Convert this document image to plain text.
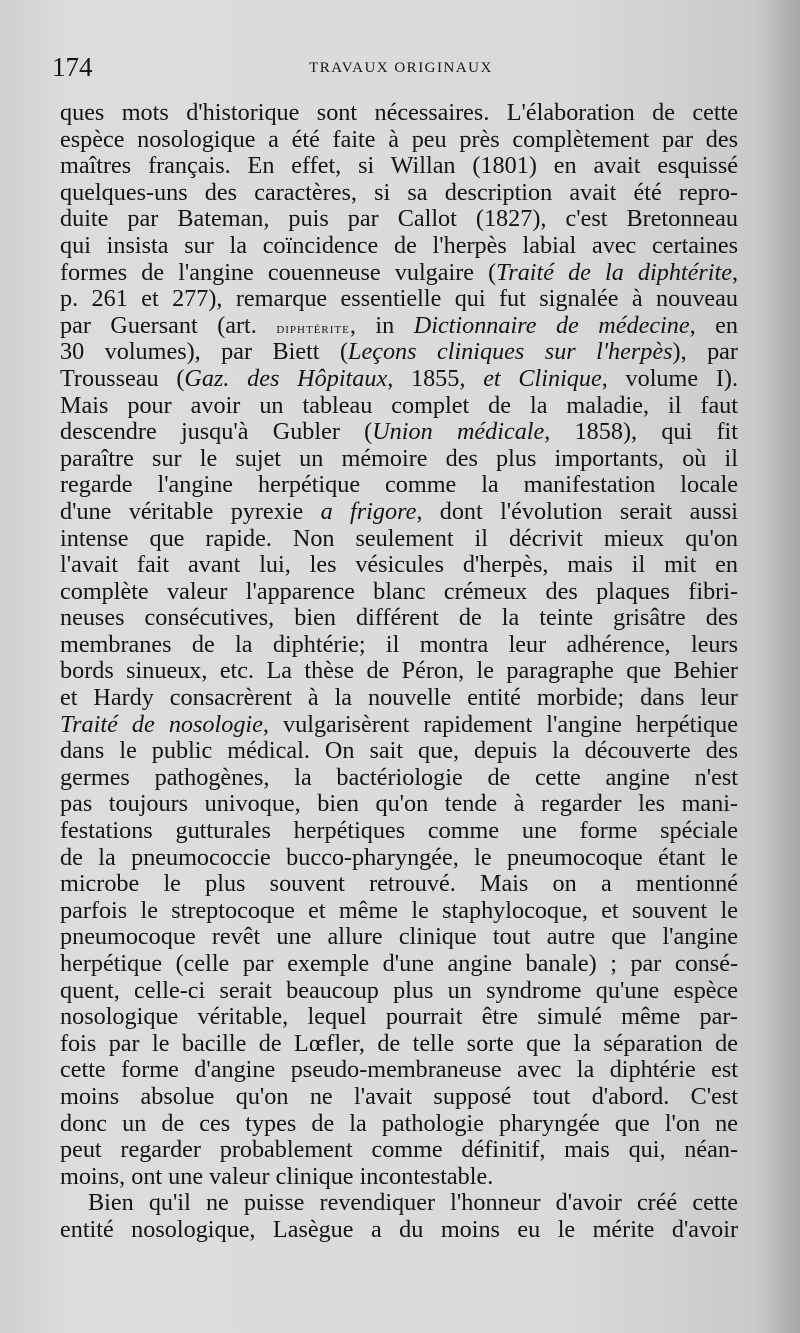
174	TRAVAUX ORIGINAUX
ques mots d'historique sont nécessaires. L'élaboration de cette
espèce nosologique a été faite à peu près complètement par des
maîtres français. En effet, si Willan (1801) en avait esquissé
quelques-uns des caractères, si sa description avait été repro-
duite par Bateman, puis par Callot (1827), c'est Bretonneau
qui insista sur la coïncidence de l'herpès labial avec certaines
formes de l'angine couenneuse vulgaire (Traité de la diphtérite,
p. 261 et 277), remarque essentielle qui fut signalée à nouveau
par Guersant (art. diphtérite, in Dictionnaire de médecine, en
30 volumes), par Biett (Leçons cliniques sur l'herpès), par
Trousseau (Gaz. des Hôpitaux, 1855, et Clinique, volume I).
Mais pour avoir un tableau complet de la maladie, il faut
descendre jusqu'à Gubler (Union médicale, 1858), qui fit
paraître sur le sujet un mémoire des plus importants, où il
regarde l'angine herpétique comme la manifestation locale
d'une véritable pyrexie a frigore, dont l'évolution serait aussi
intense que rapide. Non seulement il décrivit mieux qu'on
l'avait fait avant lui, les vésicules d'herpès, mais il mit en
complète valeur l'apparence blanc crémeux des plaques fibri-
neuses consécutives, bien différent de la teinte grisâtre des
membranes de la diphtérie; il montra leur adhérence, leurs
bords sinueux, etc. La thèse de Péron, le paragraphe que Behier
et Hardy consacrèrent à la nouvelle entité morbide; dans leur
Traité de nosologie, vulgarisèrent rapidement l'angine herpétique
dans le public médical. On sait que, depuis la découverte des
germes pathogènes, la bactériologie de cette angine n'est
pas toujours univoque, bien qu'on tende à regarder les mani-
festations gutturales herpétiques comme une forme spéciale
de la pneumococcie bucco-pharyngée, le pneumocoque étant le
microbe le plus souvent retrouvé. Mais on a mentionné
parfois le streptocoque et même le staphylocoque, et souvent le
pneumocoque revêt une allure clinique tout autre que l'angine
herpétique (celle par exemple d'une angine banale) ; par consé-
quent, celle-ci serait beaucoup plus un syndrome qu'une espèce
nosologique véritable, lequel pourrait être simulé même par-
fois par le bacille de Lœfler, de telle sorte que la séparation de
cette forme d'angine pseudo-membraneuse avec la diphtérie est
moins absolue qu'on ne l'avait supposé tout d'abord. C'est
donc un de ces types de la pathologie pharyngée que l'on ne
peut regarder probablement comme définitif, mais qui, néan-
moins, ont une valeur clinique incontestable.
Bien qu'il ne puisse revendiquer l'honneur d'avoir créé cette
entité nosologique, Lasègue a du moins eu le mérite d'avoir
